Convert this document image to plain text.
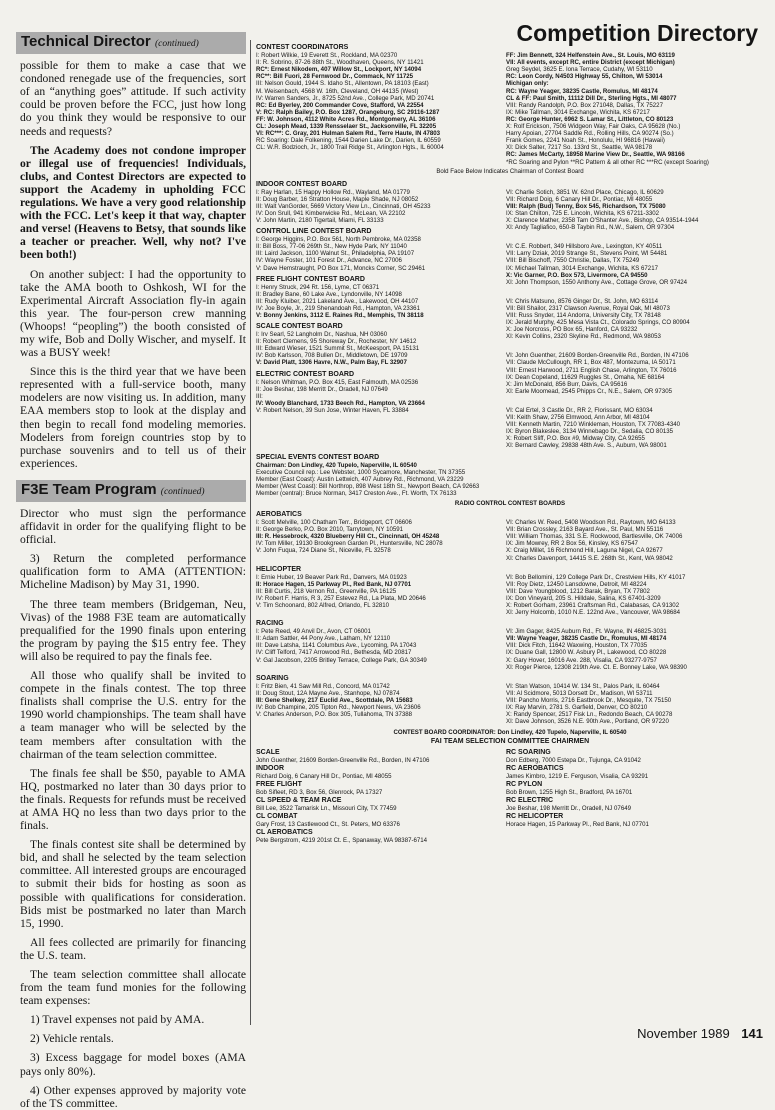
Technical Director (continued)

possible for them to make a case that we condoned renegade use of the frequencies, sort of an “anything goes” attitude. If such activity could be proven before the FCC, just how long do you think they would be responsive to our needs and requests?

The Academy does not condone improper or illegal use of frequencies! Individuals, clubs, and Contest Directors are expected to support the Academy in upholding FCC regulations. We have a very good relationship with the FCC. Let's keep it that way, chapter and verse! (Heavens to Betsy, that sounds like a teacher or preacher. Well, why not? I've been both!)

On another subject: I had the opportunity to take the AMA booth to Oshkosh, WI for the Experimental Aircraft Association fly-in again this year. The four-person crew manning (Whoops! “peopling”) the booth consisted of my wife, Bob and Dolly Wischer, and myself. It was a BUSY week!

Since this is the third year that we have been represented with a full-service booth, many modelers are now visiting us. In addition, many EAA members stop to look at the display and then begin to recall fond modeling memories. Modelers from foreign countries stop by to purchase souvenirs and to tell us of their experiences.

F3E Team Program (continued)

Director who must sign the performance affidavit in order for the qualifying flight to be official.

3) Return the completed performance qualification form to AMA (ATTENTION: Micheline Madison) by May 31, 1990.

The three team members (Bridgeman, Neu, Vivas) of the 1988 F3E team are automatically prequalified for the 1990 finals upon entering the program by paying the $15 entry fee. They will also be required to pay the finals fee.

All those who qualify shall be invited to compete in the finals contest. The top three finalists shall comprise the U.S. entry for the 1990 world championships. The team shall have a team manager who will be selected by the team members after consultation with the chairman of the team selection committee.

The finals fee shall be $50, payable to AMA HQ, postmarked no later than 30 days prior to the finals. Requests for refunds must be received at AMA HQ no less than two days prior to the finals.

The finals contest site shall be determined by bid, and shall he selected by the team selection committee. All interested groups are encouraged to submit their bids for hosting as soon as possible with qualifications for consideration. Bids mist be postmarked no later than March 15, 1990.

All fees collected are primarily for financing the U.S. team.

The team selection committee shall allocate from the team fund monies for the following team expenses:

1) Travel expenses not paid by AMA.

2) Vehicle rentals.

3) Excess baggage for model boxes (AMA pays only 80%).

4) Other expenses approved by majority vote of the TS committee.

Competition Directory
CONTEST COORDINATORS
I: Robert Wilkie, 19 Everett St., Rockland, MA 02370
II: R. Sobrino, 87-26 88th St., Woodhaven, Queens, NY 11421
RC*: Ernest Nikodem, 407 Willow St., Lockport, NY 14094
RC**: Bill Fuori, 28 Fernwood Dr., Commack, NY 11725
III: Nelson Gould, 1944 S. Idaho St., Allentown, PA 18103 (East)
M. Weisenbach, 4568 W. 16th, Cleveland, OH 44135 (West)
IV: Warren Sanders, Jr., 8725 52nd Ave., College Park, MD 20741
RC: Ed Byerley, 200 Commander Cove, Stafford, VA 22554
V: RC: Ralph Bailey, P.O. Box 1287, Orangeburg, SC 29116-1287
FF: W. Johnson, 4112 White Acres Rd., Montgomery, AL 36106
CL: Joseph Mead, 1339 Rensselaer St., Jacksonville, FL 32205
VI: RC***: C. Gray, 201 Hulman Salem Rd., Terre Haute, IN 47803
RC Soaring: Dale Folkening, 1544 Darien Lake Dr., Darien, IL 60559
CL: W.R. Bodzioch, Jr., 1800 Trail Ridge St., Arlington Hgts., IL 60004
FF: Jim Bennett, 324 Helfenstein Ave., St. Louis, MO 63119
VII: All events, except RC, entire District (except Michigan)
Greg Seydel, 3625 E. Iona Terrace, Cudahy, WI 53110
RC: Leon Cordy, N4503 Highway 55, Chilton, WI 53014
Michigan only:
RC: Wayne Yeager, 38235 Castle, Romulus, MI 48174
CL & FF: Paul Smith, 11112 Dill Dr., Sterling Hgts., MI 48077
VIII: Randy Randolph, P.O. Box 271048, Dallas, TX 75227
IX: Mike Tallman, 3014 Exchange, Wichita, KS 67217
RC: George Hunter, 6962 S. Lamar St., Littleton, CO 80123
X: Rolf Erickson, 7506 Widgeon Way, Fair Oaks, CA 95628 (No.)
Harry Apoian, 27704 Saddle Rd., Rolling Hills, CA 90274 (So.)
Frank Gomes, 2241 Noah St., Honolulu, HI 96816 (Hawaii)
XI: Dick Salter, 7217 So. 133rd St., Seattle, WA 98178
RC: James McCarty, 18958 Marine View Dr., Seattle, WA 98166
*RC Soaring and Pylon **RC Pattern & all other RC ***RC (except Soaring)
Bold Face Below Indicates Chairman of Contest Board
INDOOR CONTEST BOARD
I: Ray Harlan, 15 Happy Hollow Rd., Wayland, MA 01779
II: Doug Barber, 16 Stratton House, Maple Shade, NJ 08052
III: Walt VanGorder, 5669 Victory View Ln., Cincinnati, OH 45233
IV: Don Srull, 941 Kimberwicke Rd., McLean, VA 22102
V: John Martin, 2180 Tigertail, Miami, FL 33133
CONTROL LINE CONTEST BOARD
I: George Higgins, P.O. Box 561, North Pembroke, MA 02358
II: Bill Boss, 77-06 269th St., New Hyde Park, NY 11040
III: Laird Jackson, 1100 Walnut St., Philadelphia, PA 19107
IV: Wayne Foster, 101 Forest Dr., Advance, NC 27006
V: Dave Hemstraught, PO Box 171, Moncks Corner, SC 29461
FREE FLIGHT CONTEST BOARD
I: Henry Struck, 294 Rt. 156, Lyme, CT 06371
II: Bradley Bane, 60 Lake Ave., Lyndonville, NY 14098
III: Rudy Kluiber, 2021 Lakeland Ave., Lakewood, OH 44107
IV: Joe Boyle, Jr., 219 Shenandoah Rd., Hampton, VA 23361
V: Bonny Jenkins, 3112 E. Raines Rd., Memphis, TN 38118
SCALE CONTEST BOARD
I: Irv Searl, 52 Langholm Dr., Nashua, NH 03060
II: Robert Clemens, 95 Shoreway Dr., Rochester, NY 14612
III: Edward Wieser, 1521 Summit St., McKeesport, PA 15131
IV: Bob Karlsson, 708 Bullen Dr., Middletown, DE 19709
V: David Platt, 1306 Havre, N.W., Palm Bay, FL 32907
ELECTRIC CONTEST BOARD
I: Nelson Whitman, P.O. Box 415, East Falmouth, MA 02536
II: Joe Beshar, 198 Merritt Dr., Oradell, NJ 07649
III:
IV: Woody Blanchard, 1733 Beech Rd., Hampton, VA 23664
V: Robert Nelson, 39 Sun Jose, Winter Haven, FL 33884

VI: Charlie Sotich, 3851 W. 62nd Place, Chicago, IL 60629
VII: Richard Doig, 6 Canary Hill Dr., Pontiac, MI 48055
VIII: Ralph (Bud) Tenny, Box 545, Richardson, TX 75080
IX: Stan Chilton, 725 E. Lincoln, Wichita, KS 67211-3302
X: Clarence Mather, 2358 Tam O'Shanter Ave., Bishop, CA 93514-1944
XI: Andy Tagliafico, 650-B Taybin Rd., N.W., Salem, OR 97304

VI: C.E. Robbert, 349 Hillsboro Ave., Lexington, KY 40511
VII: Larry Dziak, 2019 Strange St., Stevens Point, WI 54481
VIII: Bill Bischoff, 7550 Christie, Dallas, TX 75249
IX: Michael Tallman, 3014 Exchange, Wichita, KS 67217
X: Vic Garner, P.O. Box 573, Livermore, CA 94550
XI: John Thompson, 1550 Anthony Ave., Cottage Grove, OR 97424

VI: Chris Matsuno, 8576 Ginger Dr., St. John, MO 63114
VII: Bill Shailor, 2317 Clawson Avenue, Royal Oak, MI 48073
VIII: Russ Snyder, 114 Andorra, University City, TX 78148
IX: Jerald Murphy, 425 Mesa Vista Ct., Colorado Springs, CO 80904
X: Joe Norcross, PO Box 65, Hanford, CA 93232
XI: Kevin Collins, 2320 Skyline Rd., Redmond, WA 98053

VI: John Guenther, 21609 Borden-Greenville Rd., Borden, IN 47106
VII: Claude McCullough, RR 1, Box 487, Montezuma, IA 50171
VIII: Ernest Harwood, 2711 English Chase, Arlington, TX 76016
IX: Dean Copeland, 11629 Ruggles St., Omaha, NE 68164
X: Jim McDonald, 856 Burr, Davis, CA 95616
XI: Earle Moomead, 2545 Phipps Cr., N.E., Salem, OR 97305

VI: Cal Ertel, 3 Castle Dr., RR 2, Florissant, MO 63034
VII: Keith Shaw, 2756 Elmwood, Ann Arbor, MI 48104
VIII: Kenneth Martin, 7210 Winkleman, Houston, TX 77083-4340
IX: Byron Blakeslee, 3134 Winnebago Dr., Sedalia, CO 80135
X: Robert Sliff, P.O. Box #9, Midway City, CA 92655
XI: Bernard Cawley, 29838 48th Ave. S., Auburn, WA 98001
SPECIAL EVENTS CONTEST BOARD
Chairman: Don Lindley, 420 Tupelo, Naperville, IL 60540
Executive Council rep.: Lee Webster, 1000 Sycamore, Manchester, TN 37355
Member (East Coast): Austin Lettwich, 407 Aubrey Rd., Richmond, VA 23229
Member (West Coast): Bill Northrop, 898 West 18th St., Newport Beach, CA 92663
Member (central): Bruce Norman, 3417 Creston Ave., Ft. Worth, TX 76133
RADIO CONTROL CONTEST BOARDS
AEROBATICS
I: Scott Melville, 100 Chatham Terr., Bridgeport, CT 06606
II: George Berko, P.O. Box 2010, Tarrytown, NY 10591
III: R. Hessebrock, 4320 Blueberry Hill Ct., Cincinnati, OH 45248
IV: Tom Miller, 19130 Brookgreen Garden Pl., Huntersville, NC 28078
V: John Fuqua, 724 Diane St., Niceville, FL 32578
VI: Charles W. Reed, 5408 Woodson Rd., Raytown, MO 64133
VII: Brian Crossley, 2163 Bayard Ave., St. Paul, MN 55116
VIII: William Thomas, 331 S.E. Rockwood, Bartlesville, OK 74006
IX: Jim Mowrey, RR 2 Box 56, Kinsley, KS 67547
X: Craig Millet, 16 Richmond Hill, Laguna Nigel, CA 92677
XI: Charles Davenport, 14415 S.E. 268th St., Kent, WA 98042
HELICOPTER
I: Ernie Huber, 19 Beaver Park Rd., Danvers, MA 01923
II: Horace Hagen, 15 Parkway Pl., Red Bank, NJ 07701
III: Bill Curtis, 218 Vernon Rd., Greenville, PA 16125
IV: Robert F. Harris, R 3, 257 Estevez Rd., La Plata, MD 20646
V: Tim Schoonard, 802 Alfred, Orlando, FL 32810
VI: Bob Bellomini, 129 College Park Dr., Crestview Hills, KY 41017
VII: Roy Dietz, 12450 Lansdowne, Detroit, MI 48224
VIII: Dave Youngblood, 1212 Barak, Bryan, TX 77802
IX: Don Vineyard, 205 S. Hilldale, Salina, KS 67401-3209
X: Robert Gorham, 23961 Craftsman Rd., Calabasas, CA 91302
XI: Jerry Holcomb, 1010 N.E. 122nd Ave., Vancouver, WA 98684
RACING
I: Pete Reed, 49 Anvil Dr., Avon, CT 06001
II: Adam Sattler, 44 Pony Ave., Latham, NY 12110
III: Dave Latsha, 1141 Columbus Ave., Lycoming, PA 17043
IV: Cliff Telford, 7417 Arrowood Rd., Bethesda, MD 20817
V: Gal Jacobson, 2205 Britley Terrace, College Park, GA 30349
VI: Jim Gager, 8425 Auburn Rd., Ft. Wayne, IN 46825-3031
VII: Wayne Yeager, 38235 Castle Dr., Romulus, MI 48174
VIII: Dick Fitch, 11642 Waxwing, Houston, TX 77035
IX: Duane Gall, 12800 W. Asbury Pl., Lakewood, CO 80228
X: Gary Hover, 16016 Ave. 288, Visalia, CA 93277-9757
XI: Roger Pierce, 12308 219th Ave. Ct. E. Bonney Lake, WA 98390
SOARING
I: Fritz Bien, 41 Saw Mill Rd., Concord, MA 01742
II: Doug Stout, 12A Mayne Ave., Stanhope, NJ 07874
III: Gene Shelkey, 217 Euclid Ave., Scottdale, PA 15683
IV: Bob Champine, 205 Tipton Rd., Newport News, VA 23606
V: Charles Anderson, P.O. Box 305, Tullahoma, TN 37388
VI: Stan Watson, 10414 W. 134 St., Palos Park, IL 60464
VII: Al Scidmore, 5013 Dorsett Dr., Madison, WI 53711
VIII: Pancho Morris, 2716 Eastbrook Dr., Mesquite, TX 75150
IX: Ray Marvin, 2781 S. Garfield, Denver, CO 80210
X: Randy Spencer, 2517 Fisk Ln., Redondo Beach, CA 90278
XI: Dave Johnson, 3526 N.E. 90th Ave., Portland, OR 97220
CONTEST BOARD COORDINATOR: Don Lindley, 420 Tupelo, Naperville, IL 60540
FAI TEAM SELECTION COMMITTEE CHAIRMEN
SCALE
John Guenther, 21609 Borden-Greenville Rd., Borden, IN 47106
INDOOR
Richard Doig, 6 Canary Hill Dr., Pontiac, MI 48055
FREE FLIGHT
Bob Sifleet, RD 3, Box 56, Glenrock, PA 17327
CL SPEED & TEAM RACE
Bill Lee, 3522 Tamarisk Ln., Missouri City, TX 77459
CL COMBAT
Gary Frost, 13 Castlewood Ct., St. Peters, MO 63376
CL AEROBATICS
Pete Bergstrom, 4219 201st Ct. E., Spanaway, WA 98387-6714
RC SOARING
Don Edberg, 7000 Estepa Dr., Tujunga, CA 91042
RC AEROBATICS
James Kimbro, 1219 E. Ferguson, Visalia, CA 93291
RC PYLON
Bob Brown, 1255 High St., Bradford, PA 16701
RC ELECTRIC
Joe Beshar, 198 Merritt Dr., Oradell, NJ 07649
RC HELICOPTER
Horace Hagen, 15 Parkway Pl., Red Bank, NJ 07701
November 1989 141
